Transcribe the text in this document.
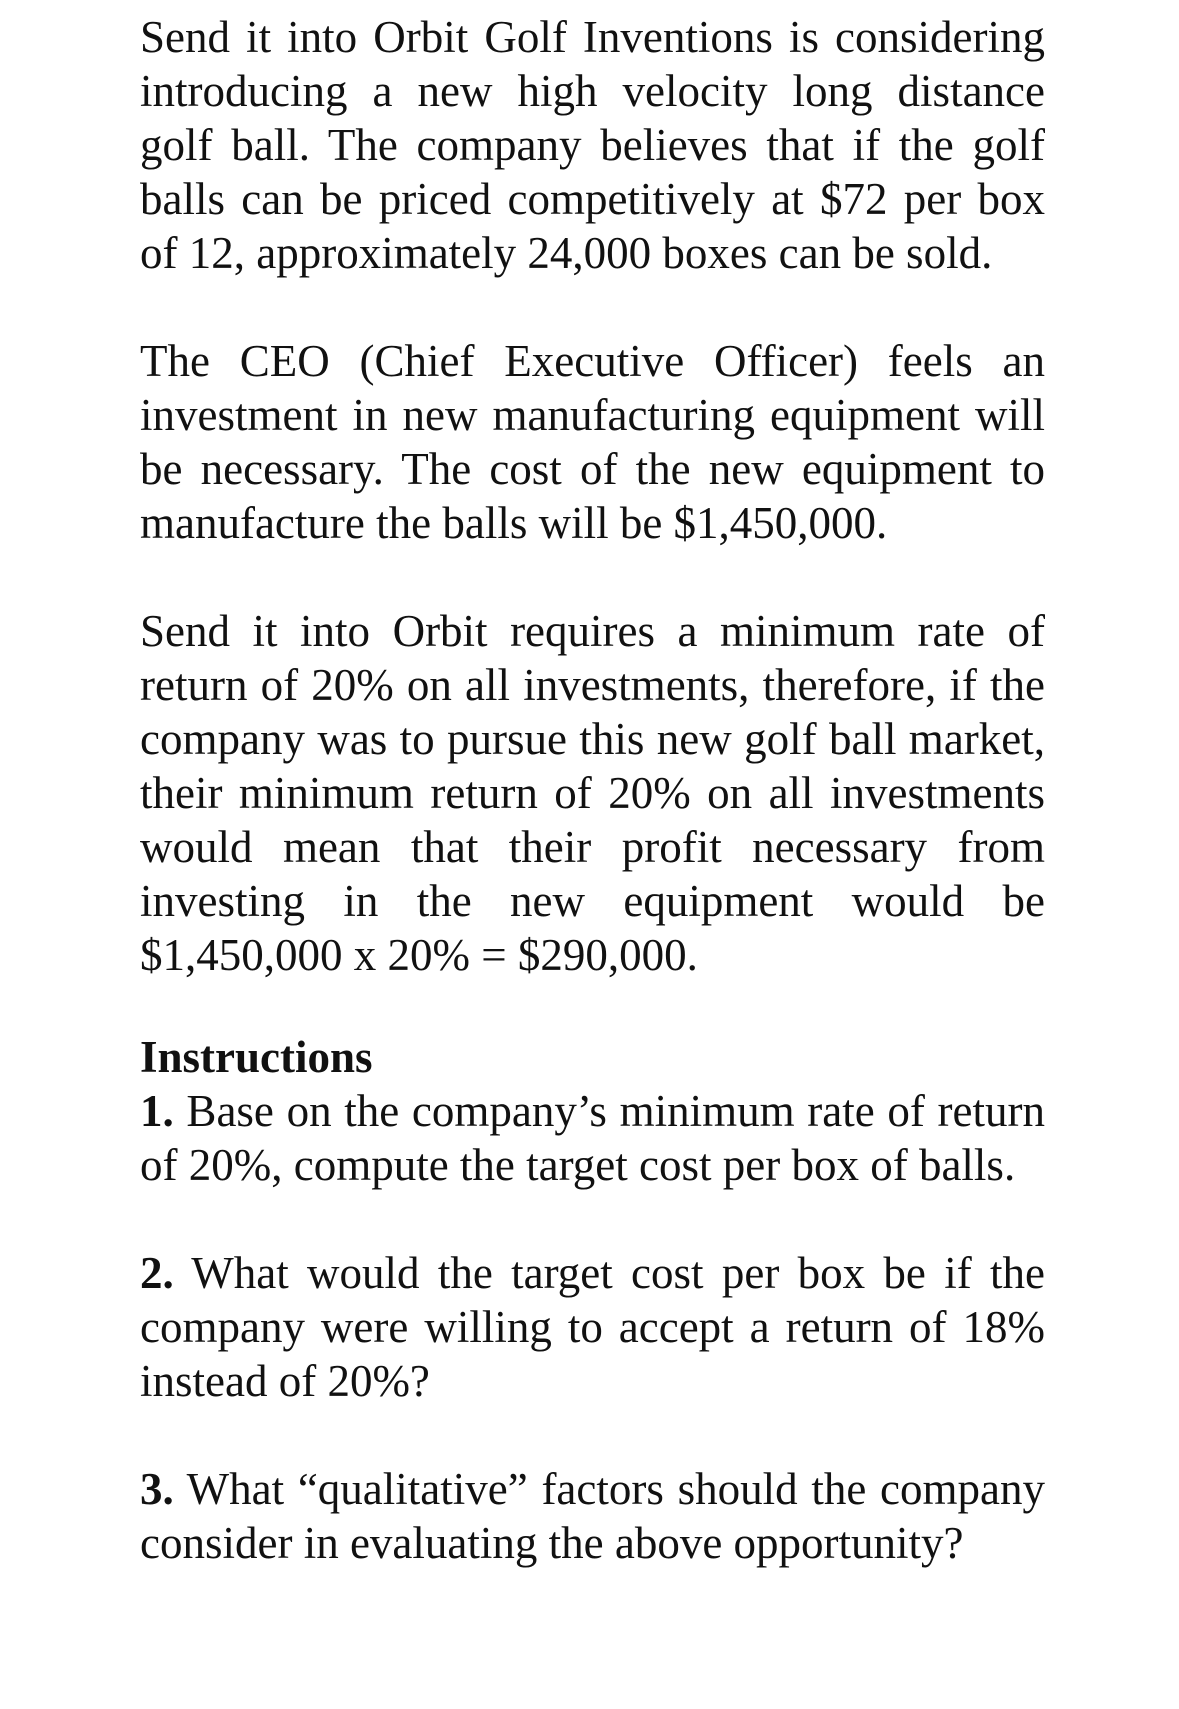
Send it into Orbit Golf Inventions is considering introducing a new high velocity long distance golf ball. The company believes that if the golf balls can be priced competitively at $72 per box of 12, approximately 24,000 boxes can be sold.

The CEO (Chief Executive Officer) feels an investment in new manufacturing equipment will be necessary. The cost of the new equipment to manufacture the balls will be $1,450,000.

Send it into Orbit requires a minimum rate of return of 20% on all investments, therefore, if the company was to pursue this new golf ball market, their minimum return of 20% on all investments would mean that their profit necessary from investing in the new equipment would be $1,450,000 x 20% = $290,000.

Instructions

1. Base on the company’s minimum rate of return of 20%, compute the target cost per box of balls.

2. What would the target cost per box be if the company were willing to accept a return of 18% instead of 20%?

3. What “qualitative” factors should the company consider in evaluating the above opportunity?
